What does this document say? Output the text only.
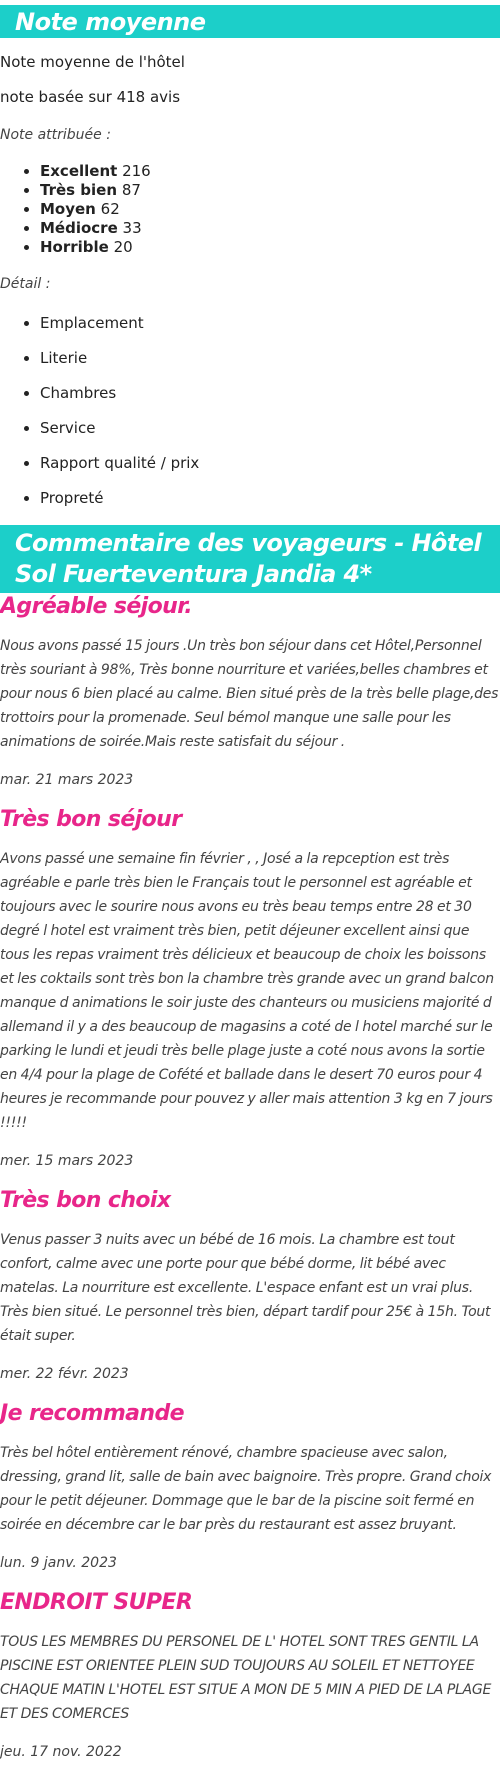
Note moyenne

Note moyenne de l'hôtel

note basée sur 418 avis

Note attribuée :

• Excellent 216
• Très bien 87
• Moyen 62
• Médiocre 33
• Horrible 20

Détail :

• Emplacement
• Literie
• Chambres
• Service
• Rapport qualité / prix
• Propreté
Commentaire des voyageurs - Hôtel Sol Fuerteventura Jandia 4*
Agréable séjour.

Nous avons passé 15 jours .Un très bon séjour dans cet Hôtel,Personnel très souriant à 98%, Très bonne nourriture et variées,belles chambres et pour nous 6 bien placé au calme. Bien situé près de la très belle plage,des trottoirs pour la promenade. Seul bémol manque une salle pour les animations de soirée.Mais reste satisfait du séjour .

mar. 21 mars 2023

Très bon séjour

Avons passé une semaine fin février , , José a la repception est très agréable e parle très bien le Français tout le personnel est agréable et toujours avec le sourire nous avons eu très beau temps entre 28 et 30 degré l hotel est vraiment très bien, petit déjeuner excellent ainsi que tous les repas vraiment très délicieux et beaucoup de choix les boissons et les coktails sont très bon la chambre très grande avec un grand balcon manque d animations le soir juste des chanteurs ou musiciens majorité d allemand il y a des beaucoup de magasins a coté de l hotel marché sur le parking le lundi et jeudi très belle plage juste a coté nous avons la sortie en 4/4 pour la plage de Cofété et ballade dans le desert 70 euros pour 4 heures je recommande pour pouvez y aller mais attention 3 kg en 7 jours !!!!!

mer. 15 mars 2023

Très bon choix

Venus passer 3 nuits avec un bébé de 16 mois. La chambre est tout confort, calme avec une porte pour que bébé dorme, lit bébé avec matelas. La nourriture est excellente. L'espace enfant est un vrai plus. Très bien situé. Le personnel très bien, départ tardif pour 25€ à 15h. Tout était super.

mer. 22 févr. 2023

Je recommande

Très bel hôtel entièrement rénové, chambre spacieuse avec salon, dressing, grand lit, salle de bain avec baignoire. Très propre. Grand choix pour le petit déjeuner. Dommage que le bar de la piscine soit fermé en soirée en décembre car le bar près du restaurant est assez bruyant.

lun. 9 janv. 2023

ENDROIT SUPER

TOUS LES MEMBRES DU PERSONEL DE L' HOTEL SONT TRES GENTIL LA PISCINE EST ORIENTEE PLEIN SUD TOUJOURS AU SOLEIL ET NETTOYEE CHAQUE MATIN L'HOTEL EST SITUE A MON DE 5 MIN A PIED DE LA PLAGE ET DES COMERCES

jeu. 17 nov. 2022
